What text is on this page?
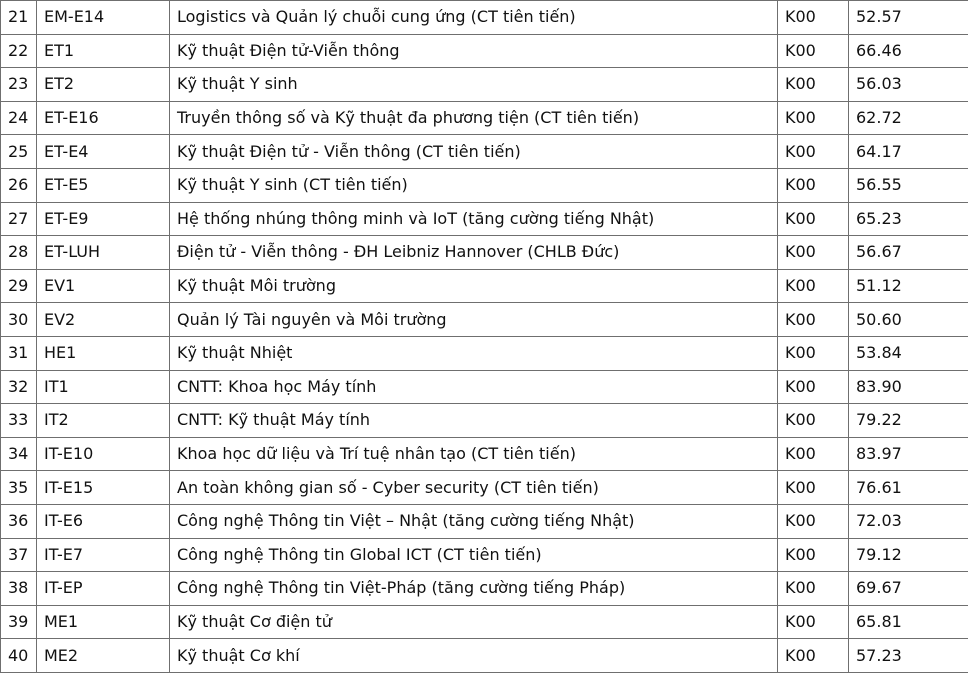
21	EM-E14	Logistics và Quản lý chuỗi cung ứng (CT tiên tiến)	K00	52.57
22	ET1	Kỹ thuật Điện tử-Viễn thông	K00	66.46
23	ET2	Kỹ thuật Y sinh	K00	56.03
24	ET-E16	Truyền thông số và Kỹ thuật đa phương tiện (CT tiên tiến)	K00	62.72
25	ET-E4	Kỹ thuật Điện tử - Viễn thông (CT tiên tiến)	K00	64.17
26	ET-E5	Kỹ thuật Y sinh (CT tiên tiến)	K00	56.55
27	ET-E9	Hệ thống nhúng thông minh và IoT (tăng cường tiếng Nhật)	K00	65.23
28	ET-LUH	Điện tử - Viễn thông - ĐH Leibniz Hannover (CHLB Đức)	K00	56.67
29	EV1	Kỹ thuật Môi trường	K00	51.12
30	EV2	Quản lý Tài nguyên và Môi trường	K00	50.60
31	HE1	Kỹ thuật Nhiệt	K00	53.84
32	IT1	CNTT: Khoa học Máy tính	K00	83.90
33	IT2	CNTT: Kỹ thuật Máy tính	K00	79.22
34	IT-E10	Khoa học dữ liệu và Trí tuệ nhân tạo (CT tiên tiến)	K00	83.97
35	IT-E15	An toàn không gian số - Cyber security (CT tiên tiến)	K00	76.61
36	IT-E6	Công nghệ Thông tin Việt – Nhật (tăng cường tiếng Nhật)	K00	72.03
37	IT-E7	Công nghệ Thông tin Global ICT (CT tiên tiến)	K00	79.12
38	IT-EP	Công nghệ Thông tin Việt-Pháp (tăng cường tiếng Pháp)	K00	69.67
39	ME1	Kỹ thuật Cơ điện tử	K00	65.81
40	ME2	Kỹ thuật Cơ khí	K00	57.23
